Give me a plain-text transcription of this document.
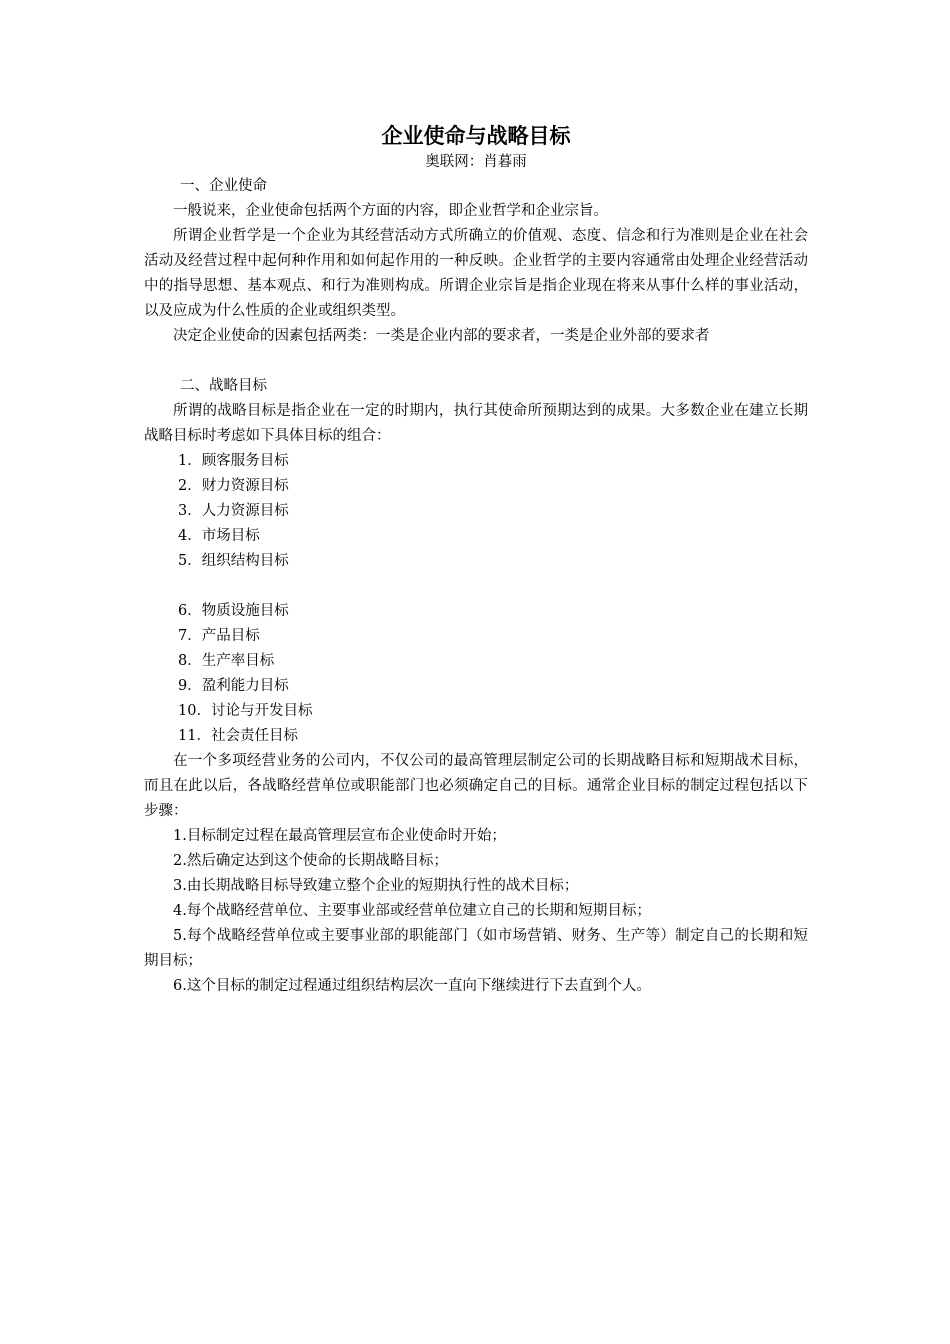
企业使命与战略目标
奥联网：肖暮雨
一、企业使命

一般说来，企业使命包括两个方面的内容，即企业哲学和企业宗旨。

所谓企业哲学是一个企业为其经营活动方式所确立的价值观、态度、信念和行为准则是企业在社会活动及经营过程中起何种作用和如何起作用的一种反映。企业哲学的主要内容通常由处理企业经营活动中的指导思想、基本观点、和行为准则构成。所谓企业宗旨是指企业现在将来从事什么样的事业活动，以及应成为什么性质的企业或组织类型。

决定企业使命的因素包括两类：一类是企业内部的要求者，一类是企业外部的要求者

二、战略目标

所谓的战略目标是指企业在一定的时期内，执行其使命所预期达到的成果。大多数企业在建立长期战略目标时考虑如下具体目标的组合：

1．顾客服务目标
2．财力资源目标
3．人力资源目标
4．市场目标
5．组织结构目标
6．物质设施目标
7．产品目标
8．生产率目标
9．盈利能力目标
10．讨论与开发目标
11．社会责任目标

在一个多项经营业务的公司内，不仅公司的最高管理层制定公司的长期战略目标和短期战术目标，而且在此以后，各战略经营单位或职能部门也必须确定自己的目标。通常企业目标的制定过程包括以下步骤：

1.目标制定过程在最高管理层宣布企业使命时开始；

2.然后确定达到这个使命的长期战略目标；

3.由长期战略目标导致建立整个企业的短期执行性的战术目标；

4.每个战略经营单位、主要事业部或经营单位建立自己的长期和短期目标；

5.每个战略经营单位或主要事业部的职能部门（如市场营销、财务、生产等）制定自己的长期和短期目标；

6.这个目标的制定过程通过组织结构层次一直向下继续进行下去直到个人。
